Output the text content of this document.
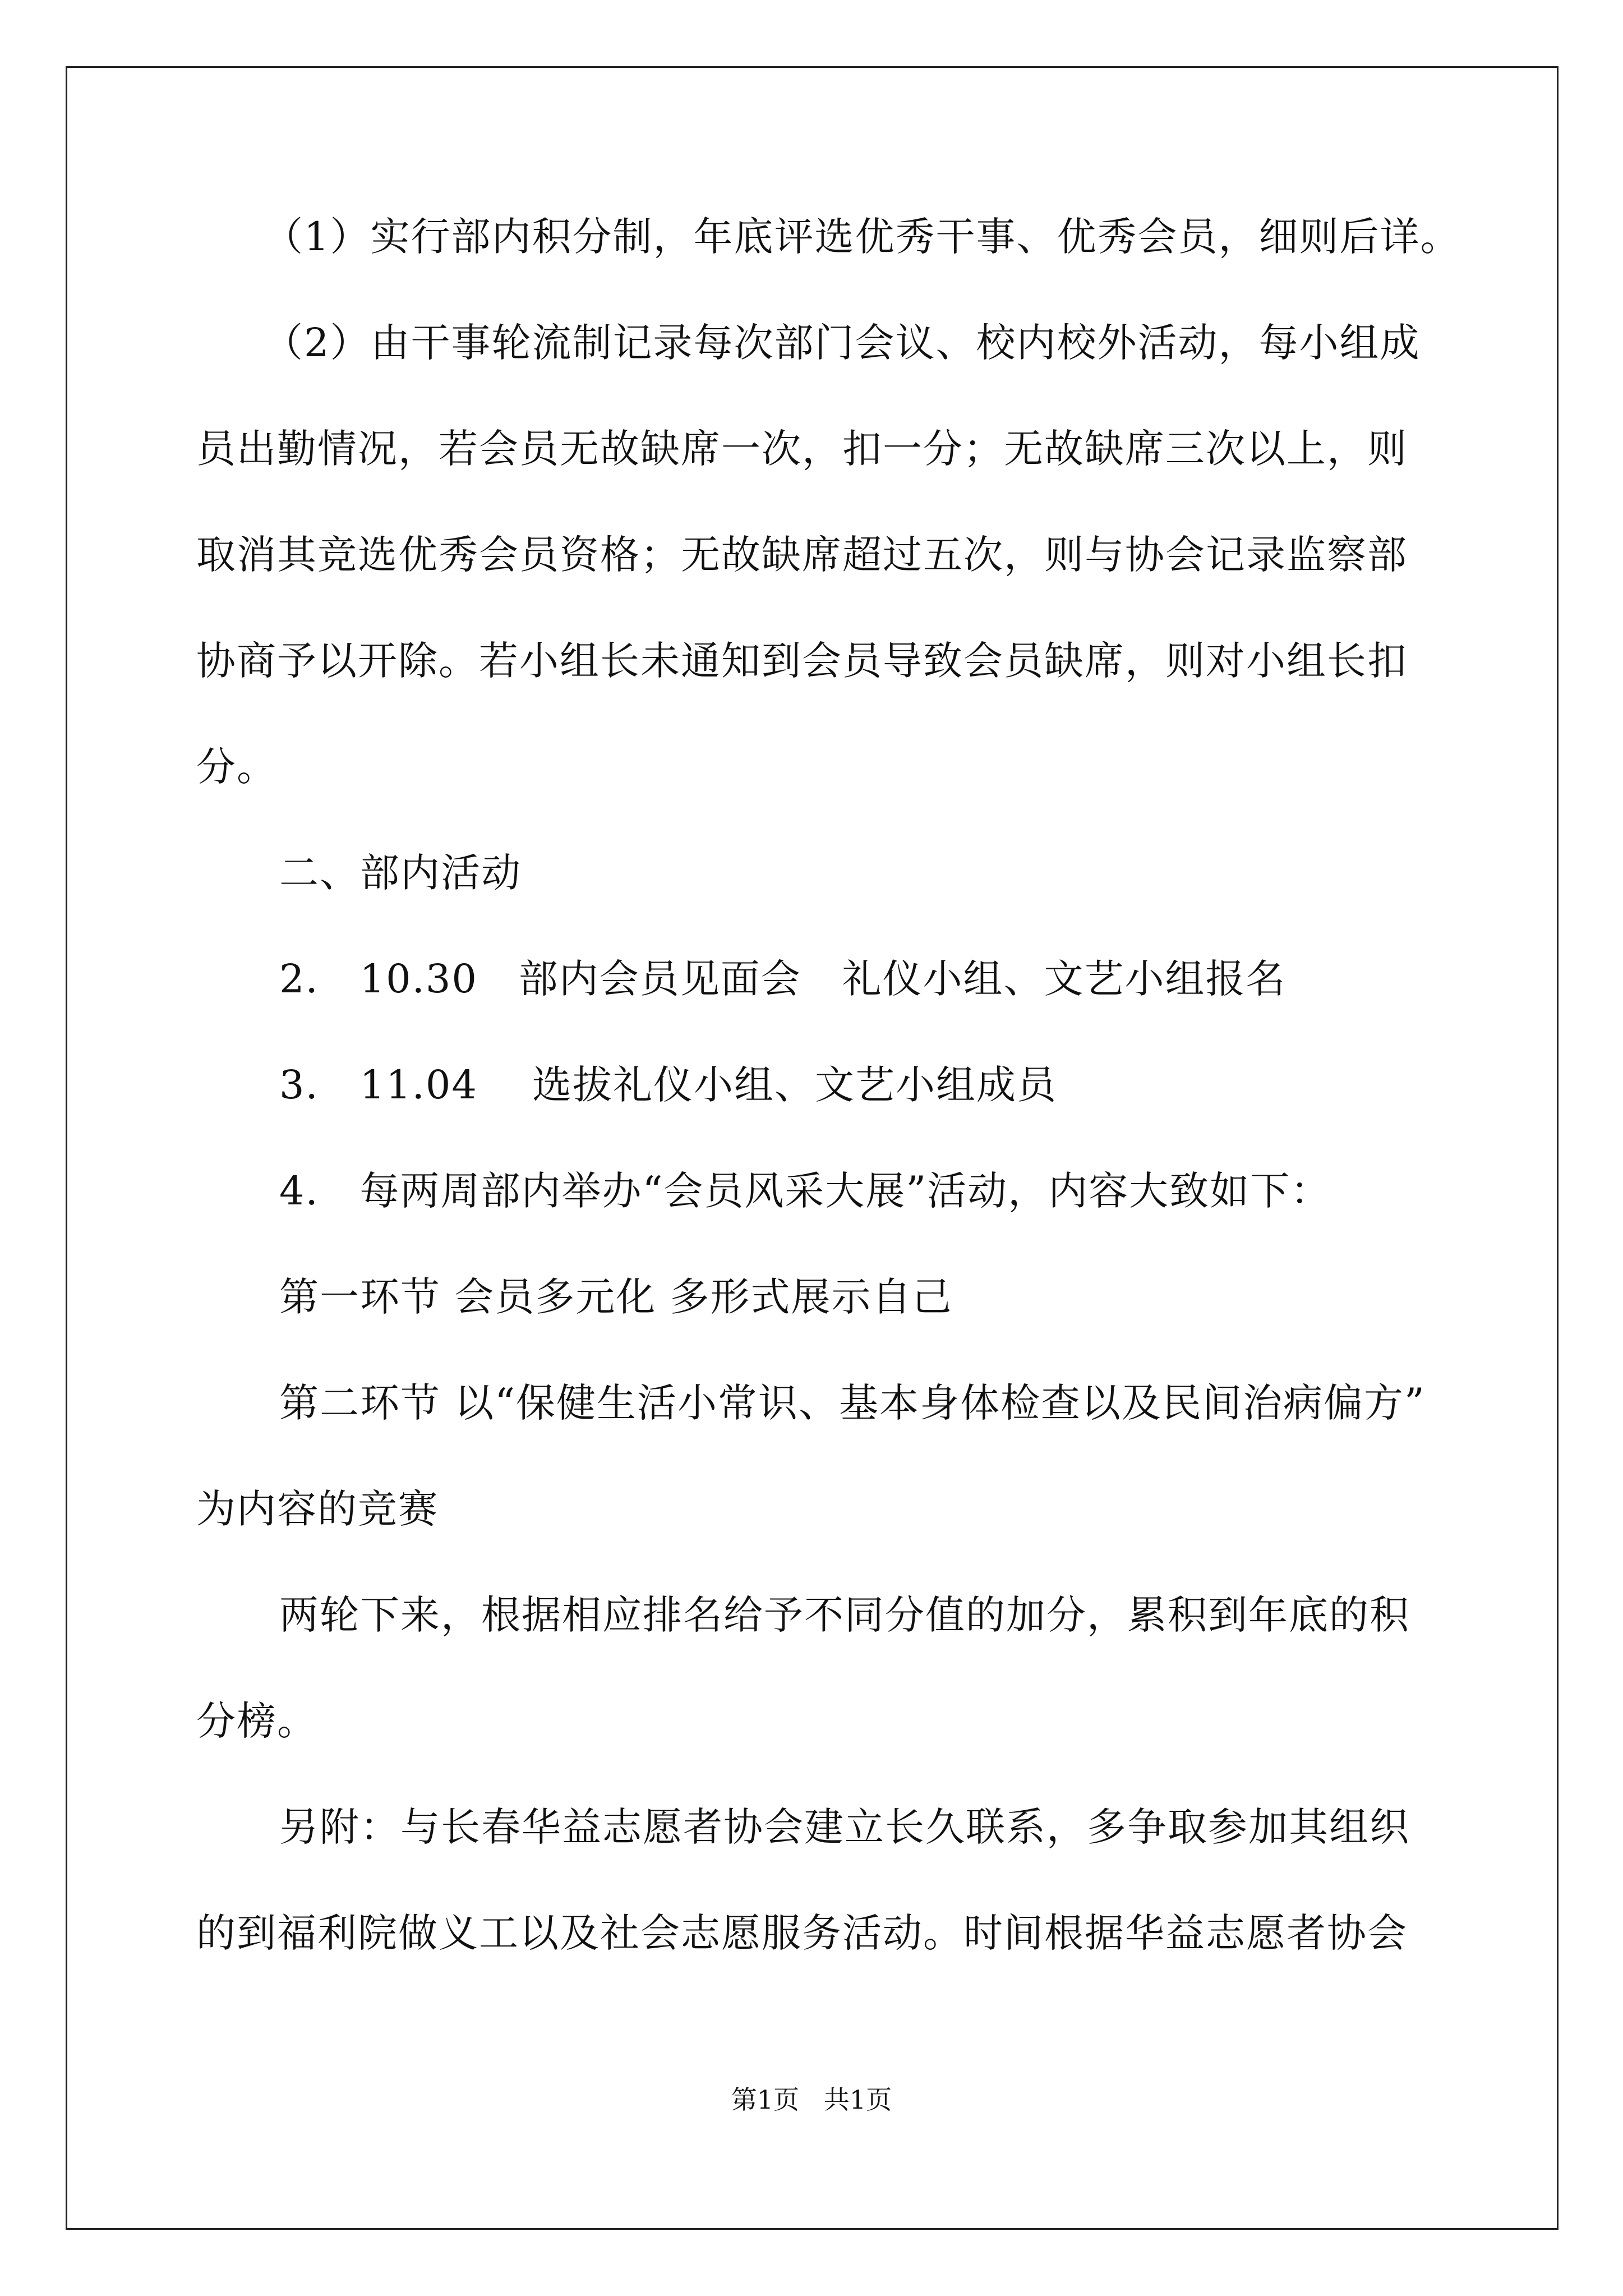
（1）实行部内积分制，年底评选优秀干事、优秀会员，细则后详。
（2）由干事轮流制记录每次部门会议、校内校外活动，每小组成
员出勤情况，若会员无故缺席一次，扣一分；无故缺席三次以上，则
取消其竞选优秀会员资格；无故缺席超过五次，则与协会记录监察部
协商予以开除。若小组长未通知到会员导致会员缺席，则对小组长扣
分。
二、部内活动
2.   10.30   部内会员见面会   礼仪小组、文艺小组报名
3.   11.04    选拔礼仪小组、文艺小组成员
4.   每两周部内举办“会员风采大展”活动，内容大致如下：
第一环节 会员多元化 多形式展示自己
第二环节 以“保健生活小常识、基本身体检查以及民间治病偏方”
为内容的竞赛
两轮下来，根据相应排名给予不同分值的加分，累积到年底的积
分榜。
另附：与长春华益志愿者协会建立长久联系，多争取参加其组织
的到福利院做义工以及社会志愿服务活动。时间根据华益志愿者协会
第1页   共1页
